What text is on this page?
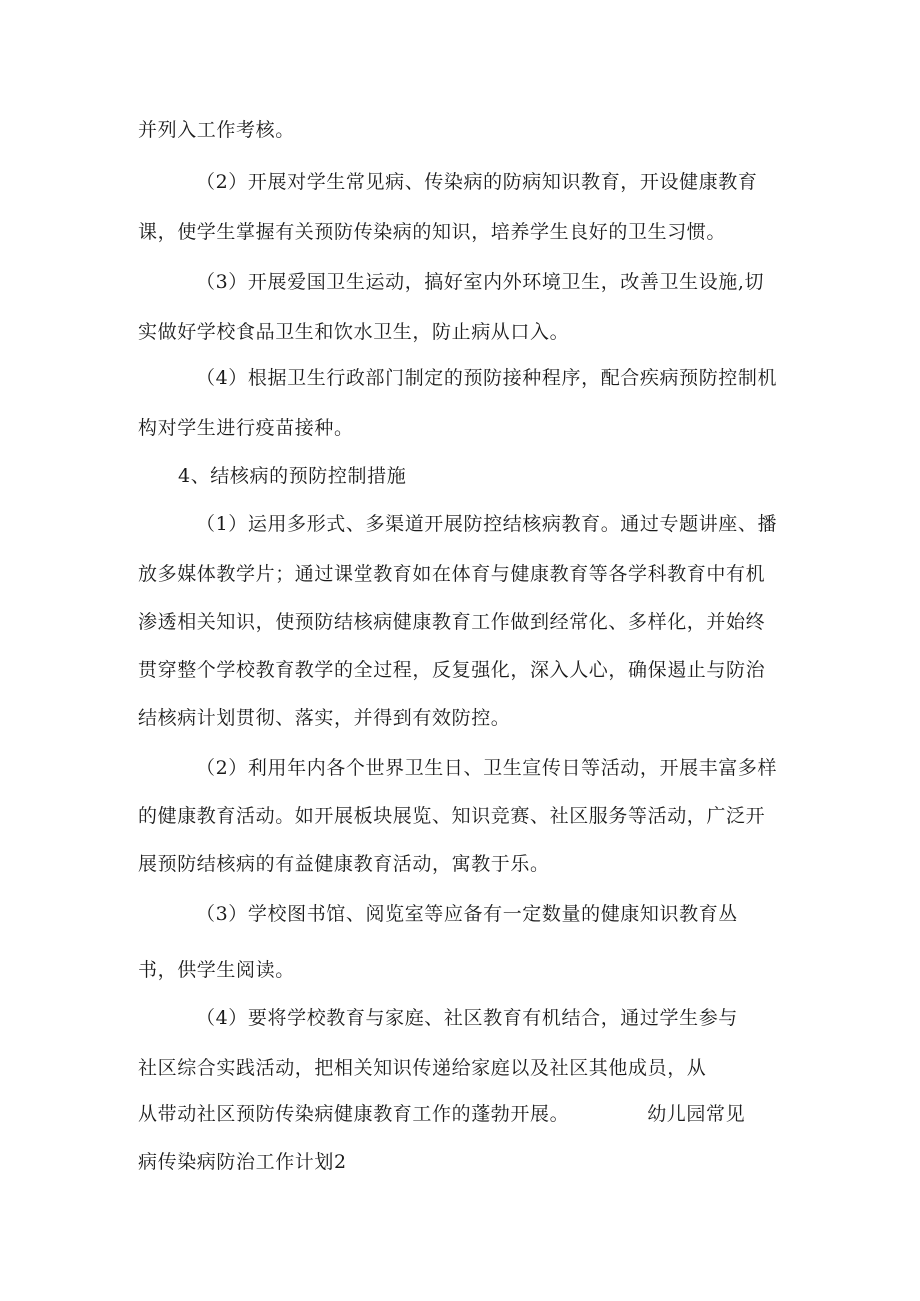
并列入工作考核。
（2）开展对学生常见病、传染病的防病知识教育，开设健康教育
课，使学生掌握有关预防传染病的知识，培养学生良好的卫生习惯。
（3）开展爱国卫生运动，搞好室内外环境卫生，改善卫生设施,切
实做好学校食品卫生和饮水卫生，防止病从口入。
（4）根据卫生行政部门制定的预防接种程序，配合疾病预防控制机
构对学生进行疫苗接种。
4、结核病的预防控制措施
（1）运用多形式、多渠道开展防控结核病教育。通过专题讲座、播
放多媒体教学片；通过课堂教育如在体育与健康教育等各学科教育中有机
渗透相关知识，使预防结核病健康教育工作做到经常化、多样化，并始终
贯穿整个学校教育教学的全过程，反复强化，深入人心，确保遏止与防治
结核病计划贯彻、落实，并得到有效防控。
（2）利用年内各个世界卫生日、卫生宣传日等活动，开展丰富多样
的健康教育活动。如开展板块展览、知识竞赛、社区服务等活动，广泛开
展预防结核病的有益健康教育活动，寓教于乐。
（3）学校图书馆、阅览室等应备有一定数量的健康知识教育丛
书，供学生阅读。
（4）要将学校教育与家庭、社区教育有机结合，通过学生参与
社区综合实践活动，把相关知识传递给家庭以及社区其他成员，从
从带动社区预防传染病健康教育工作的蓬勃开展。	幼儿园常见
病传染病防治工作计划2
